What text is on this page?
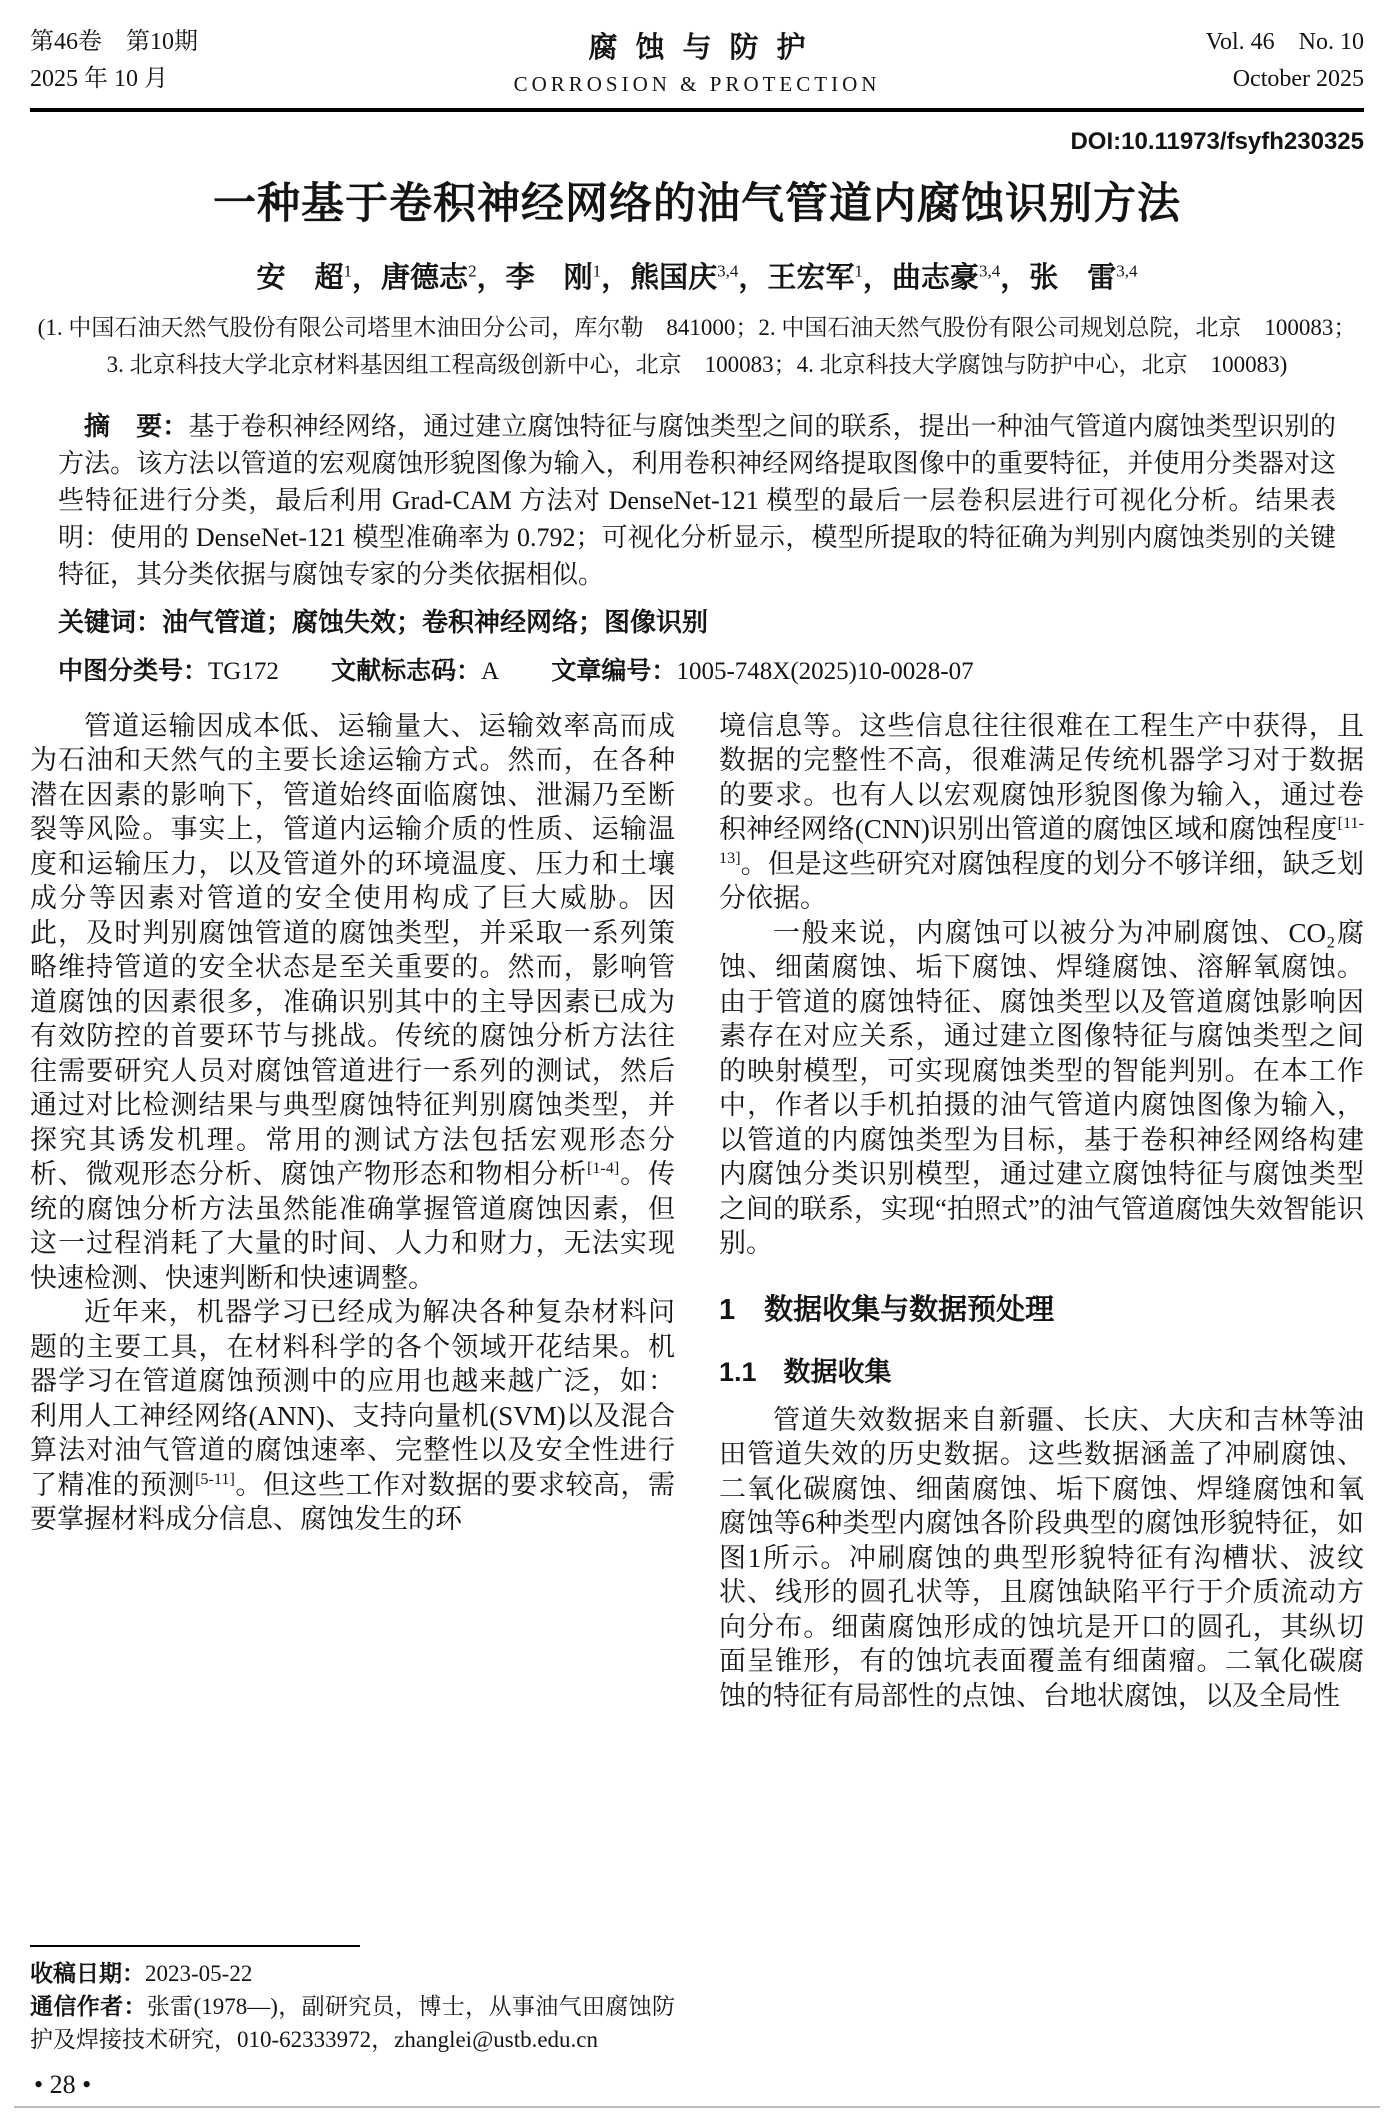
第46卷　第10期
2025 年 10 月
腐蚀与防护
CORROSION & PROTECTION
Vol. 46　No. 10
October 2025
DOI:10.11973/fsyfh230325
一种基于卷积神经网络的油气管道内腐蚀识别方法
安　超$^1$，唐德志$^2$，李　刚$^1$，熊国庆$^{3,4}$，王宏军$^1$，曲志豪$^{3,4}$，张　雷$^{3,4}$
(1. 中国石油天然气股份有限公司塔里木油田分公司，库尔勒　841000；2. 中国石油天然气股份有限公司规划总院，北京　100083；
3. 北京科技大学北京材料基因组工程高级创新中心，北京　100083；4. 北京科技大学腐蚀与防护中心，北京　100083)

摘　要：基于卷积神经网络，通过建立腐蚀特征与腐蚀类型之间的联系，提出一种油气管道内腐蚀类型识别的方法。该方法以管道的宏观腐蚀形貌图像为输入，利用卷积神经网络提取图像中的重要特征，并使用分类器对这些特征进行分类，最后利用 Grad-CAM 方法对 DenseNet-121 模型的最后一层卷积层进行可视化分析。结果表明：使用的 DenseNet-121 模型准确率为 0.792；可视化分析显示，模型所提取的特征确为判别内腐蚀类别的关键特征，其分类依据与腐蚀专家的分类依据相似。

关键词：油气管道；腐蚀失效；卷积神经网络；图像识别

中图分类号：TG172 文献标志码：A 文章编号：1005-748X(2025)10-0028-07

管道运输因成本低、运输量大、运输效率高而成为石油和天然气的主要长途运输方式。然而，在各种潜在因素的影响下，管道始终面临腐蚀、泄漏乃至断裂等风险。事实上，管道内运输介质的性质、运输温度和运输压力，以及管道外的环境温度、压力和土壤成分等因素对管道的安全使用构成了巨大威胁。因此，及时判别腐蚀管道的腐蚀类型，并采取一系列策略维持管道的安全状态是至关重要的。然而，影响管道腐蚀的因素很多，准确识别其中的主导因素已成为有效防控的首要环节与挑战。传统的腐蚀分析方法往往需要研究人员对腐蚀管道进行一系列的测试，然后通过对比检测结果与典型腐蚀特征判别腐蚀类型，并探究其诱发机理。常用的测试方法包括宏观形态分析、微观形态分析、腐蚀产物形态和物相分析[1-4]。传统的腐蚀分析方法虽然能准确掌握管道腐蚀因素，但这一过程消耗了大量的时间、人力和财力，无法实现快速检测、快速判断和快速调整。

近年来，机器学习已经成为解决各种复杂材料问题的主要工具，在材料科学的各个领域开花结果。机器学习在管道腐蚀预测中的应用也越来越广泛，如：利用人工神经网络(ANN)、支持向量机(SVM)以及混合算法对油气管道的腐蚀速率、完整性以及安全性进行了精准的预测[5-11]。但这些工作对数据的要求较高，需要掌握材料成分信息、腐蚀发生的环

收稿日期：2023-05-22

通信作者：张雷(1978—)，副研究员，博士，从事油气田腐蚀防护及焊接技术研究，010-62333972，zhanglei@ustb.edu.cn

境信息等。这些信息往往很难在工程生产中获得，且数据的完整性不高，很难满足传统机器学习对于数据的要求。也有人以宏观腐蚀形貌图像为输入，通过卷积神经网络(CNN)识别出管道的腐蚀区域和腐蚀程度[11-13]。但是这些研究对腐蚀程度的划分不够详细，缺乏划分依据。

一般来说，内腐蚀可以被分为冲刷腐蚀、CO₂腐蚀、细菌腐蚀、垢下腐蚀、焊缝腐蚀、溶解氧腐蚀。由于管道的腐蚀特征、腐蚀类型以及管道腐蚀影响因素存在对应关系，通过建立图像特征与腐蚀类型之间的映射模型，可实现腐蚀类型的智能判别。在本工作中，作者以手机拍摄的油气管道内腐蚀图像为输入，以管道的内腐蚀类型为目标，基于卷积神经网络构建内腐蚀分类识别模型，通过建立腐蚀特征与腐蚀类型之间的联系，实现“拍照式”的油气管道腐蚀失效智能识别。

1　数据收集与数据预处理
1.1　数据收集

管道失效数据来自新疆、长庆、大庆和吉林等油田管道失效的历史数据。这些数据涵盖了冲刷腐蚀、二氧化碳腐蚀、细菌腐蚀、垢下腐蚀、焊缝腐蚀和氧腐蚀等6种类型内腐蚀各阶段典型的腐蚀形貌特征，如图1所示。冲刷腐蚀的典型形貌特征有沟槽状、波纹状、线形的圆孔状等，且腐蚀缺陷平行于介质流动方向分布。细菌腐蚀形成的蚀坑是开口的圆孔，其纵切面呈锥形，有的蚀坑表面覆盖有细菌瘤。二氧化碳腐蚀的特征有局部性的点蚀、台地状腐蚀，以及全局性

• 28 •
